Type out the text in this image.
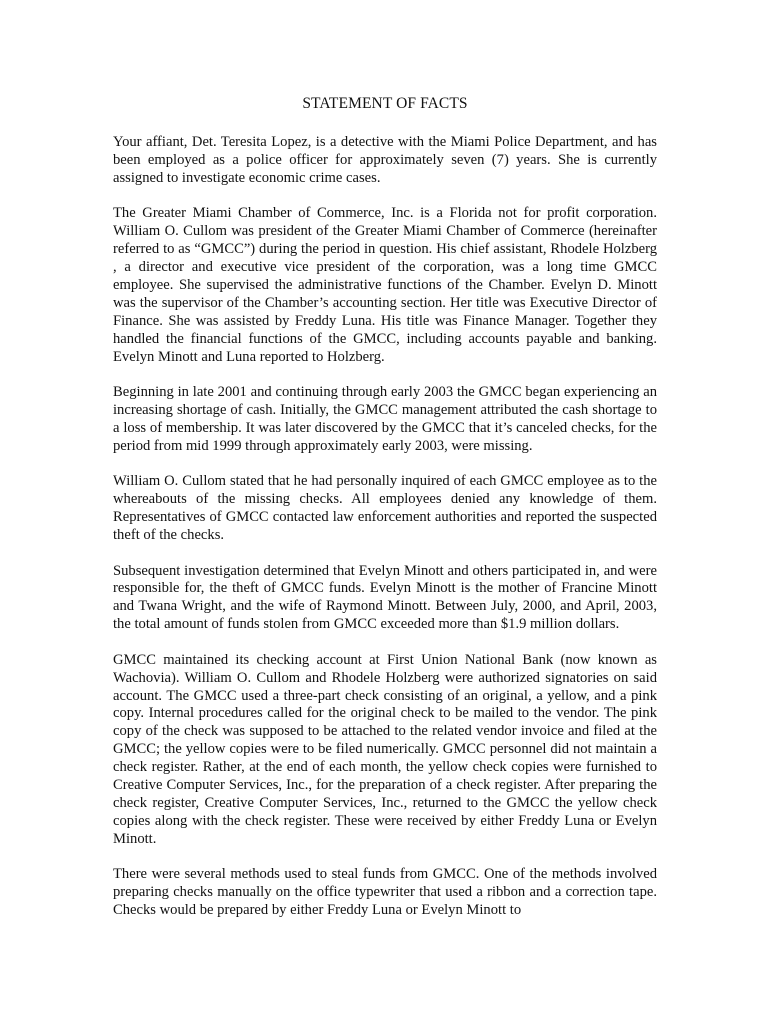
STATEMENT OF FACTS

Your affiant, Det. Teresita Lopez, is a detective with the Miami Police Department, and has been employed as a police officer for approximately seven (7) years. She is currently assigned to investigate economic crime cases.

The Greater Miami Chamber of Commerce, Inc. is a Florida not for profit corporation. William O. Cullom was president of the Greater Miami Chamber of Commerce (hereinafter referred to as “GMCC”) during the period in question. His chief assistant, Rhodele Holzberg , a director and executive vice president of the corporation, was a long time GMCC employee. She supervised the administrative functions of the Chamber. Evelyn D. Minott was the supervisor of the Chamber’s accounting section. Her title was Executive Director of Finance. She was assisted by Freddy Luna. His title was Finance Manager. Together they handled the financial functions of the GMCC, including accounts payable and banking. Evelyn Minott and Luna reported to Holzberg.

Beginning in late 2001 and continuing through early 2003 the GMCC began experiencing an increasing shortage of cash. Initially, the GMCC management attributed the cash shortage to a loss of membership. It was later discovered by the GMCC that it’s canceled checks, for the period from mid 1999 through approximately early 2003, were missing.

William O. Cullom stated that he had personally inquired of each GMCC employee as to the whereabouts of the missing checks. All employees denied any knowledge of them. Representatives of GMCC contacted law enforcement authorities and reported the suspected theft of the checks.

Subsequent investigation determined that Evelyn Minott and others participated in, and were responsible for, the theft of GMCC funds. Evelyn Minott is the mother of Francine Minott and Twana Wright, and the wife of Raymond Minott. Between July, 2000, and April, 2003, the total amount of funds stolen from GMCC exceeded more than $1.9 million dollars.

GMCC maintained its checking account at First Union National Bank (now known as Wachovia). William O. Cullom and Rhodele Holzberg were authorized signatories on said account. The GMCC used a three-part check consisting of an original, a yellow, and a pink copy. Internal procedures called for the original check to be mailed to the vendor. The pink copy of the check was supposed to be attached to the related vendor invoice and filed at the GMCC; the yellow copies were to be filed numerically. GMCC personnel did not maintain a check register. Rather, at the end of each month, the yellow check copies were furnished to Creative Computer Services, Inc., for the preparation of a check register. After preparing the check register, Creative Computer Services, Inc., returned to the GMCC the yellow check copies along with the check register. These were received by either Freddy Luna or Evelyn Minott.

There were several methods used to steal funds from GMCC. One of the methods involved preparing checks manually on the office typewriter that used a ribbon and a correction tape. Checks would be prepared by either Freddy Luna or Evelyn Minott to
